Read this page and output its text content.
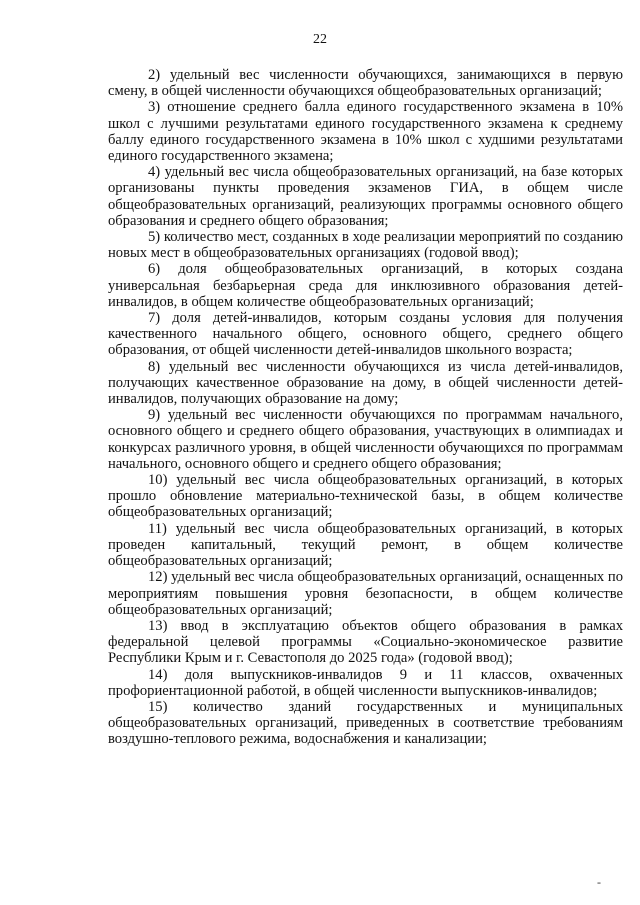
22

2) удельный вес численности обучающихся, занимающихся в первую смену, в общей численности обучающихся общеобразовательных организаций;

3) отношение среднего балла единого государственного экзамена в 10% школ с лучшими результатами единого государственного экзамена к среднему баллу единого государственного экзамена в 10% школ с худшими результатами единого государственного экзамена;

4) удельный вес числа общеобразовательных организаций, на базе которых организованы пункты проведения экзаменов ГИА, в общем числе общеобразовательных организаций, реализующих программы основного общего образования и среднего общего образования;

5) количество мест, созданных в ходе реализации мероприятий по созданию новых мест в общеобразовательных организациях (годовой ввод);

6) доля общеобразовательных организаций, в которых создана универсальная безбарьерная среда для инклюзивного образования детей-инвалидов, в общем количестве общеобразовательных организаций;

7) доля детей-инвалидов, которым созданы условия для получения качественного начального общего, основного общего, среднего общего образования, от общей численности детей-инвалидов школьного возраста;

8) удельный вес численности обучающихся из числа детей-инвалидов, получающих качественное образование на дому, в общей численности детей-инвалидов, получающих образование на дому;

9) удельный вес численности обучающихся по программам начального, основного общего и среднего общего образования, участвующих в олимпиадах и конкурсах различного уровня, в общей численности обучающихся по программам начального, основного общего и среднего общего образования;

10) удельный вес числа общеобразовательных организаций, в которых прошло обновление материально-технической базы, в общем количестве общеобразовательных организаций;

11) удельный вес числа общеобразовательных организаций, в которых проведен капитальный, текущий ремонт, в общем количестве общеобразовательных организаций;

12) удельный вес числа общеобразовательных организаций, оснащенных по мероприятиям повышения уровня безопасности, в общем количестве общеобразовательных организаций;

13) ввод в эксплуатацию объектов общего образования в рамках федеральной целевой программы «Социально-экономическое развитие Республики Крым и г. Севастополя до 2025 года» (годовой ввод);

14) доля выпускников-инвалидов 9 и 11 классов, охваченных профориентационной работой, в общей численности выпускников-инвалидов;

15) количество зданий государственных и муниципальных общеобразовательных организаций, приведенных в соответствие требованиям воздушно-теплового режима, водоснабжения и канализации;

-
